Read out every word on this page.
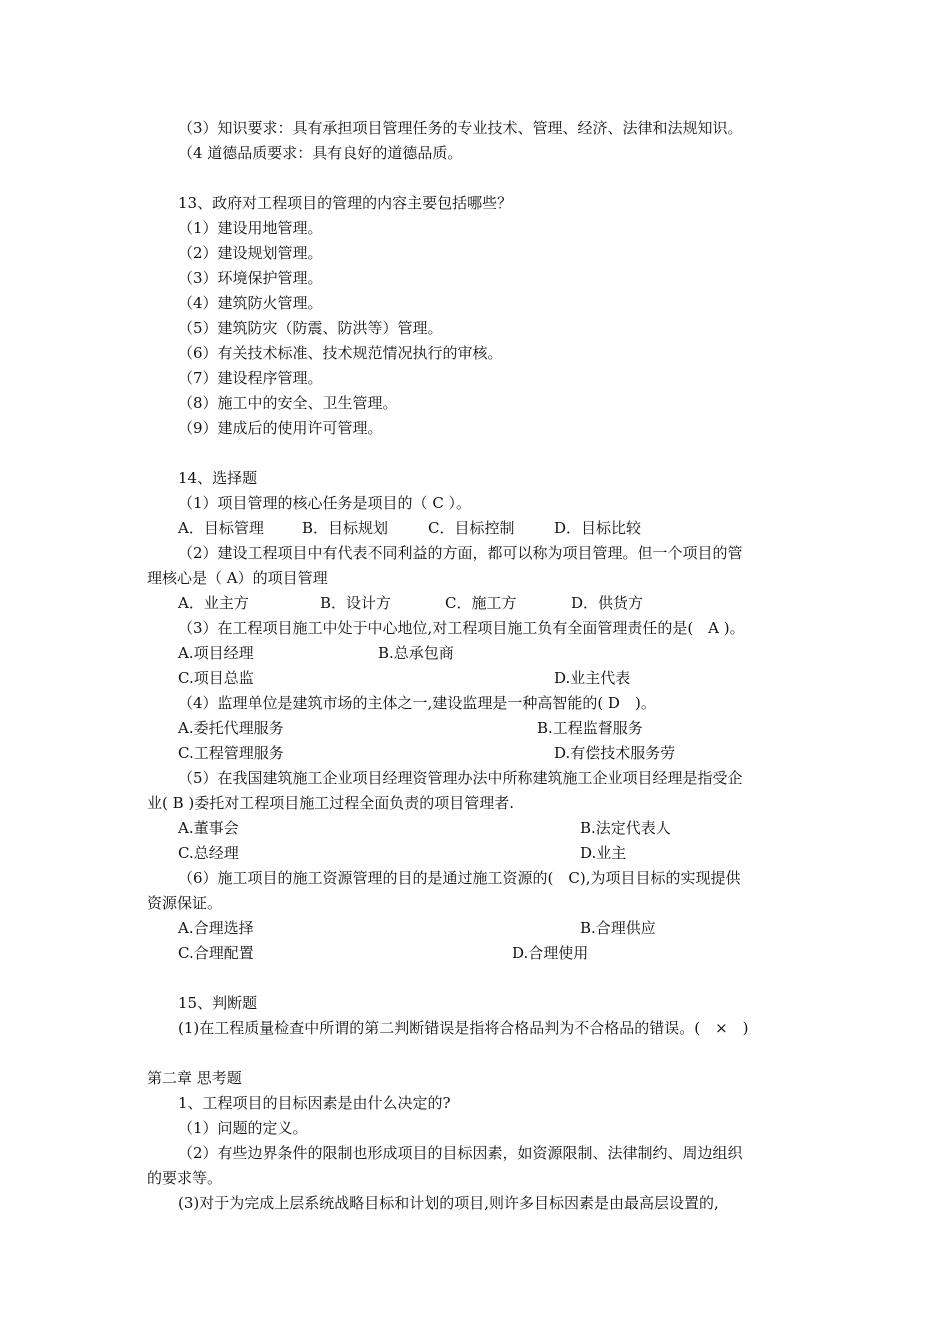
（3）知识要求：具有承担项目管理任务的专业技术、管理、经济、法律和法规知识。
（4 道德品质要求：具有良好的道德品质。
13、政府对工程项目的管理的内容主要包括哪些？
（1）建设用地管理。
（2）建设规划管理。
（3）环境保护管理。
（4）建筑防火管理。
（5）建筑防灾（防震、防洪等）管理。
（6）有关技术标准、技术规范情况执行的审核。
（7）建设程序管理。
（8）施工中的安全、卫生管理。
（9）建成后的使用许可管理。
14、选择题
（1）项目管理的核心任务是项目的（ C ）。
A．目标管理	B．目标规划	C．目标控制	D．目标比较
（2）建设工程项目中有代表不同利益的方面，都可以称为项目管理。但一个项目的管
理核心是（ A）的项目管理
A．业主方	B．设计方	C．施工方	D．供货方
（3）在工程项目施工中处于中心地位,对工程项目施工负有全面管理责任的是(　A )。
A.项目经理	B.总承包商
C.项目总监	D.业主代表
（4）监理单位是建筑市场的主体之一,建设监理是一种高智能的( D　)。
A.委托代理服务	B.工程监督服务
C.工程管理服务	D.有偿技术服务劳
（5）在我国建筑施工企业项目经理资管理办法中所称建筑施工企业项目经理是指受企
业( B )委托对工程项目施工过程全面负责的项目管理者.
A.董事会	B.法定代表人
C.总经理	D.业主
（6）施工项目的施工资源管理的目的是通过施工资源的(　C),为项目目标的实现提供
资源保证。
A.合理选择	B.合理供应
C.合理配置	D.合理使用
15、判断题
(1)在工程质量检查中所谓的第二判断错误是指将合格品判为不合格品的错误。(　×　)
第二章 思考题
1、工程项目的目标因素是由什么决定的?
（1）问题的定义。
（2）有些边界条件的限制也形成项目的目标因素，如资源限制、法律制约、周边组织
的要求等。
(3)对于为完成上层系统战略目标和计划的项目,则许多目标因素是由最高层设置的,
